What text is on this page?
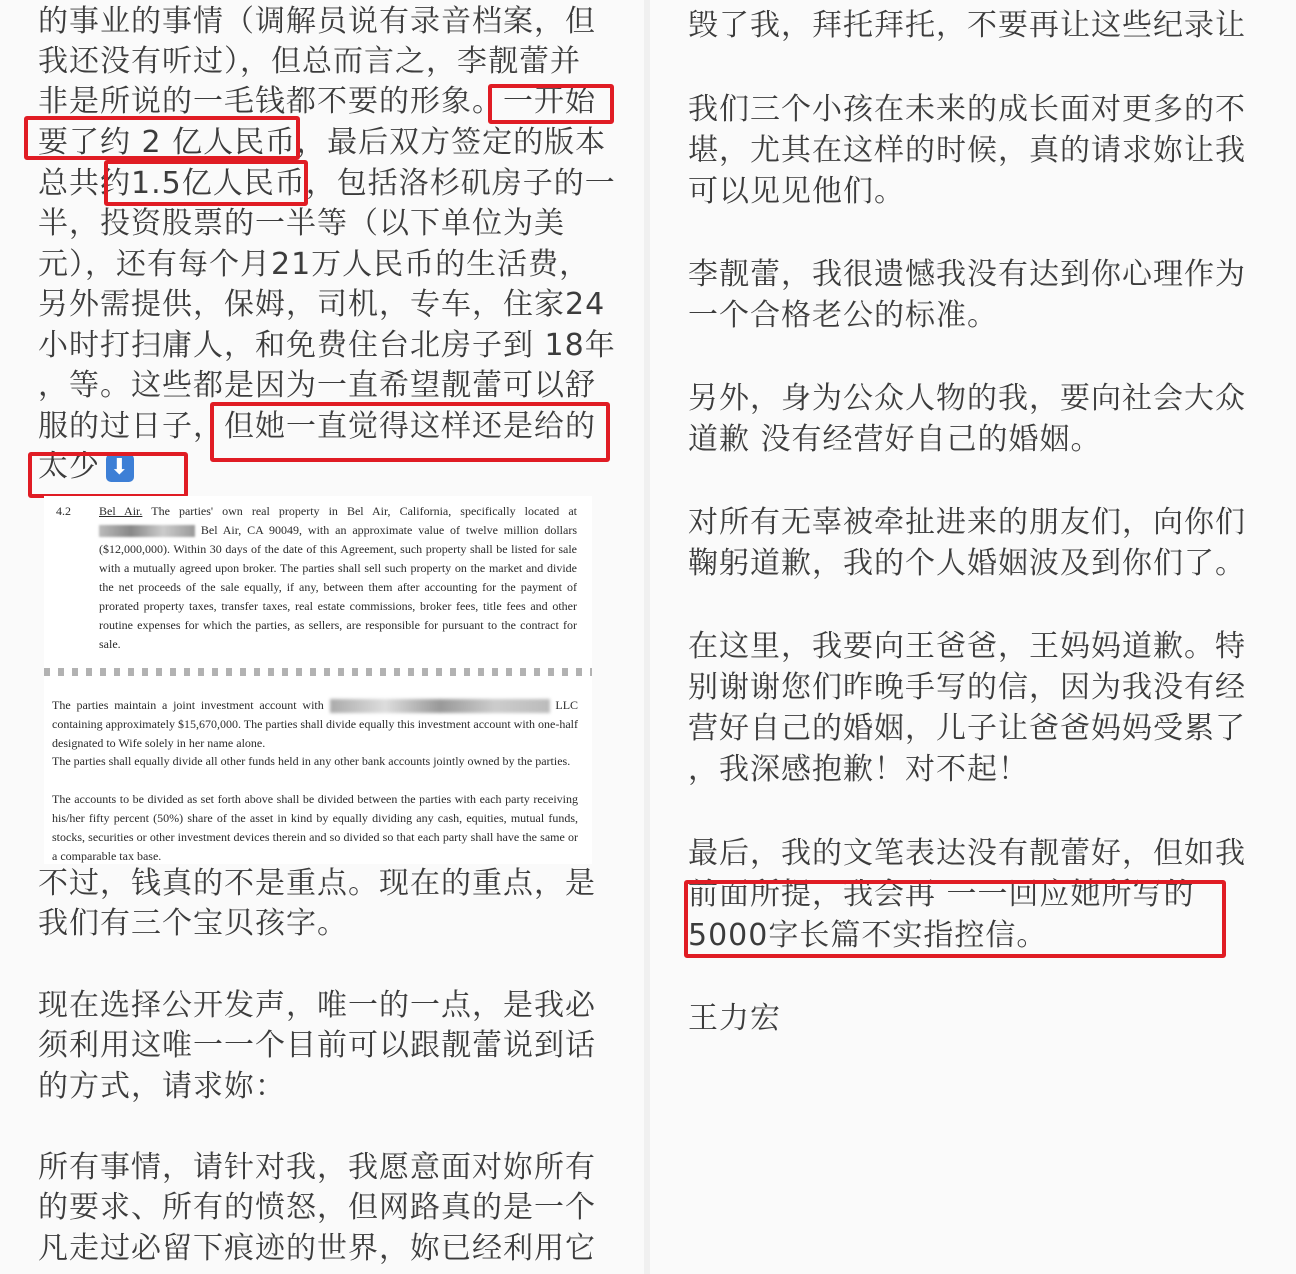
的事业的事情（调解员说有录音档案，但
我还没有听过），但总而言之，李靓蕾并
非是所说的一毛钱都不要的形象。一开始
要了约 2 亿人民币，最后双方签定的版本
总共约1.5亿人民币，包括洛杉矶房子的一
半，投资股票的一半等（以下单位为美
元），还有每个月21万人民币的生活费，
另外需提供，保姆，司机，专车，住家24
小时打扫庸人，和免费住台北房子到 18年
，等。这些都是因为一直希望靓蕾可以舒
服的过日子，但她一直觉得这样还是给的
太少 ⬇
4.2 Bel Air. The parties' own real property in Bel Air, California, specifically located at  Bel Air, CA 90049, with an approximate value of twelve million dollars ($12,000,000). Within 30 days of the date of this Agreement, such property shall be listed for sale with a mutually agreed upon broker. The parties shall sell such property on the market and divide the net proceeds of the sale equally, if any, between them after accounting for the payment of prorated property taxes, transfer taxes, real estate commissions, broker fees, title fees and other routine expenses for which the parties, as sellers, are responsible for pursuant to the contract for sale.
The parties maintain a joint investment account with	LLC containing approximately $15,670,000. The parties shall divide equally this investment account with one-half designated to Wife solely in her name alone.
The parties shall equally divide all other funds held in any other bank accounts jointly owned by the parties.
The accounts to be divided as set forth above shall be divided between the parties with each party receiving his/her fifty percent (50%) share of the asset in kind by equally dividing any cash, equities, mutual funds, stocks, securities or other investment devices therein and so divided so that each party shall have the same or a comparable tax base.
不过，钱真的不是重点。现在的重点，是
我们有三个宝贝孩字。
现在选择公开发声，唯一的一点，是我必
须利用这唯一一个目前可以跟靓蕾说到话
的方式，请求妳：
所有事情，请针对我，我愿意面对妳所有
的要求、所有的愤怒，但网路真的是一个
凡走过必留下痕迹的世界，妳已经利用它
毁了我，拜托拜托，不要再让这些纪录让
我们三个小孩在未来的成长面对更多的不
堪，尤其在这样的时候，真的请求妳让我
可以见见他们。
李靓蕾，我很遗憾我没有达到你心理作为
一个合格老公的标准。
另外，身为公众人物的我，要向社会大众
道歉 没有经营好自己的婚姻。
对所有无辜被牵扯进来的朋友们，向你们
鞠躬道歉，我的个人婚姻波及到你们了。
在这里，我要向王爸爸，王妈妈道歉。特
别谢谢您们昨晚手写的信，因为我没有经
营好自己的婚姻，儿子让爸爸妈妈受累了
，我深感抱歉！对不起！
最后，我的文笔表达没有靓蕾好，但如我
前面所提，我会再 一一回应她所写的
5000字长篇不实指控信。
王力宏
